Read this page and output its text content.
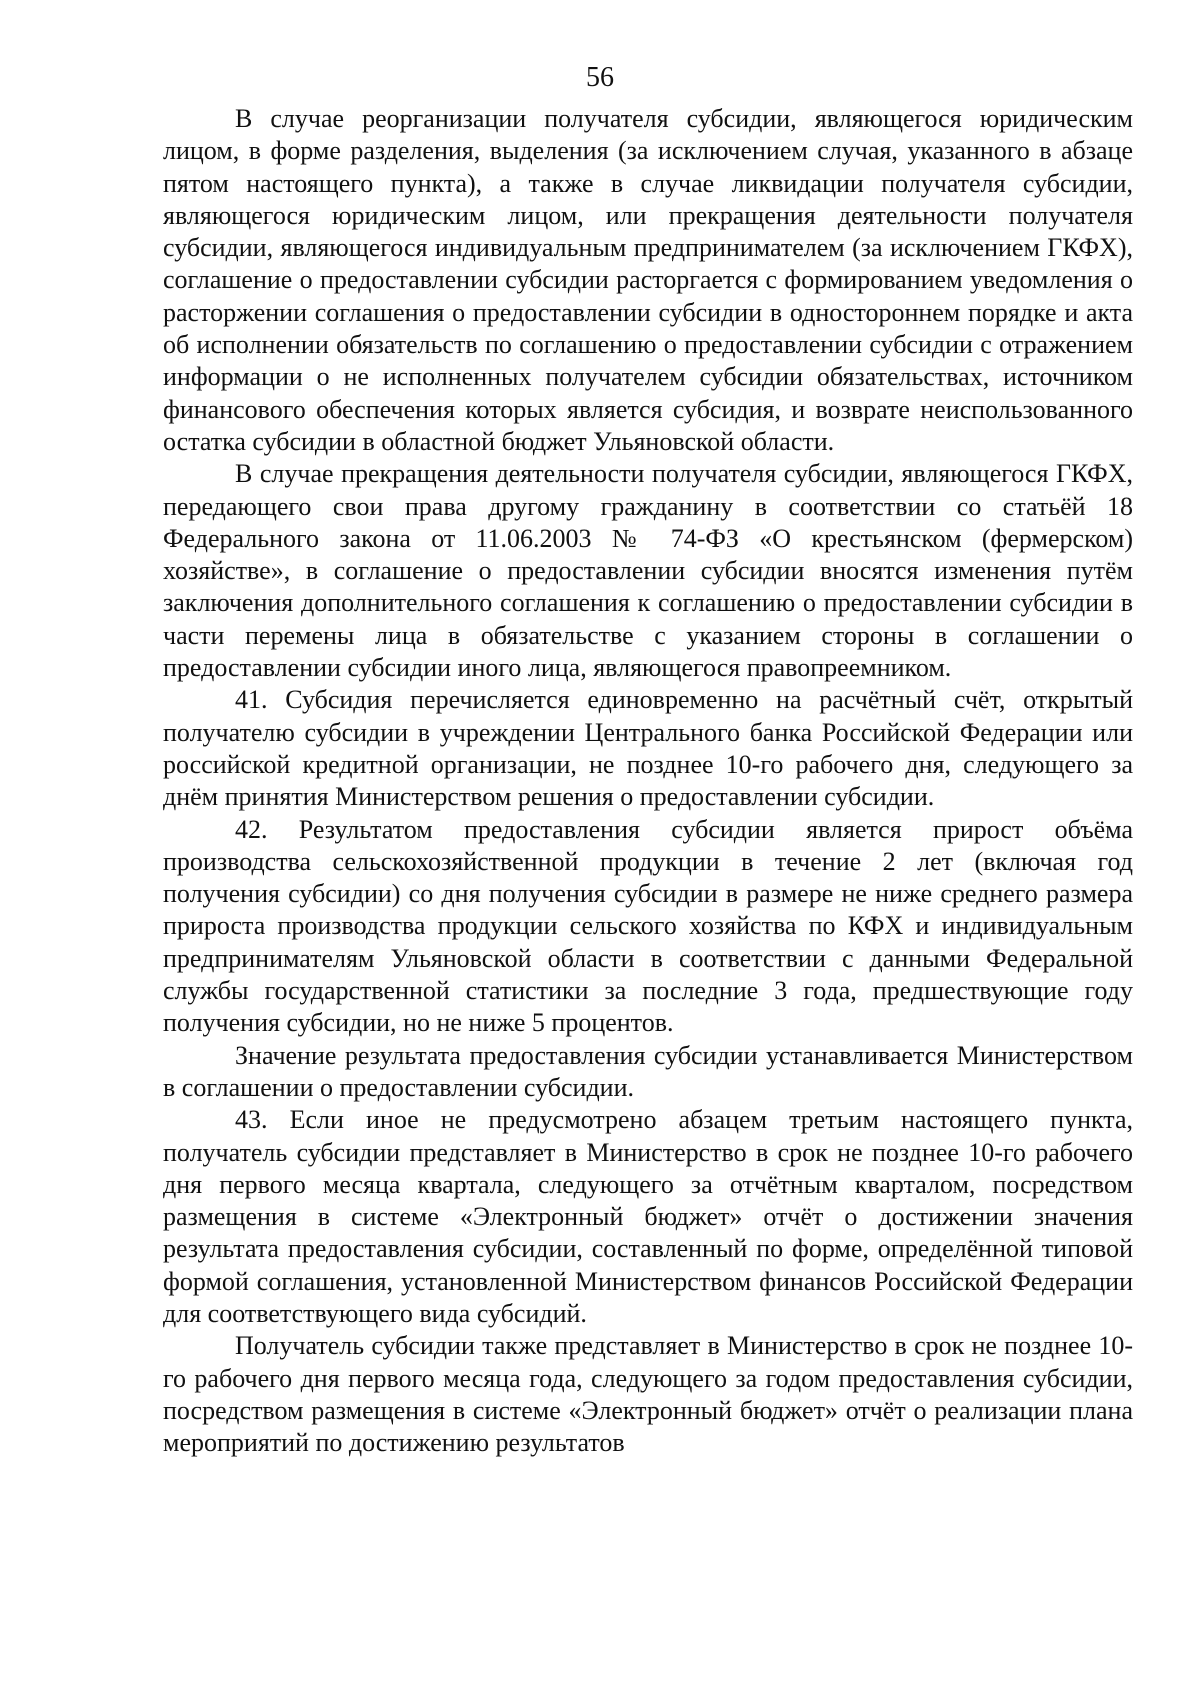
56

В случае реорганизации получателя субсидии, являющегося юридическим лицом, в форме разделения, выделения (за исключением случая, указанного в абзаце пятом настоящего пункта), а также в случае ликвидации получателя субсидии, являющегося юридическим лицом, или прекращения деятельности получателя субсидии, являющегося индивидуальным предпринимателем (за исключением ГКФХ), соглашение о предоставлении субсидии расторгается с формированием уведомления о расторжении соглашения о предоставлении субсидии в одностороннем порядке и акта об исполнении обязательств по соглашению о предоставлении субсидии с отражением информации о не исполненных получателем субсидии обязательствах, источником финансового обеспечения которых является субсидия, и возврате неиспользованного остатка субсидии в областной бюджет Ульяновской области.

В случае прекращения деятельности получателя субсидии, являющегося ГКФХ, передающего свои права другому гражданину в соответствии со статьёй 18 Федерального закона от 11.06.2003 № 74-ФЗ «О крестьянском (фермерском) хозяйстве», в соглашение о предоставлении субсидии вносятся изменения путём заключения дополнительного соглашения к соглашению о предоставлении субсидии в части перемены лица в обязательстве с указанием стороны в соглашении о предоставлении субсидии иного лица, являющегося правопреемником.

41. Субсидия перечисляется единовременно на расчётный счёт, открытый получателю субсидии в учреждении Центрального банка Российской Федерации или российской кредитной организации, не позднее 10-го рабочего дня, следующего за днём принятия Министерством решения о предоставлении субсидии.

42. Результатом предоставления субсидии является прирост объёма производства сельскохозяйственной продукции в течение 2 лет (включая год получения субсидии) со дня получения субсидии в размере не ниже среднего размера прироста производства продукции сельского хозяйства по КФХ и индивидуальным предпринимателям Ульяновской области в соответствии с данными Федеральной службы государственной статистики за последние 3 года, предшествующие году получения субсидии, но не ниже 5 процентов.

Значение результата предоставления субсидии устанавливается Министерством в соглашении о предоставлении субсидии.

43. Если иное не предусмотрено абзацем третьим настоящего пункта, получатель субсидии представляет в Министерство в срок не позднее 10-го рабочего дня первого месяца квартала, следующего за отчётным кварталом, посредством размещения в системе «Электронный бюджет» отчёт о достижении значения результата предоставления субсидии, составленный по форме, определённой типовой формой соглашения, установленной Министерством финансов Российской Федерации для соответствующего вида субсидий.

Получатель субсидии также представляет в Министерство в срок не позднее 10-го рабочего дня первого месяца года, следующего за годом предоставления субсидии, посредством размещения в системе «Электронный бюджет» отчёт о реализации плана мероприятий по достижению результатов
